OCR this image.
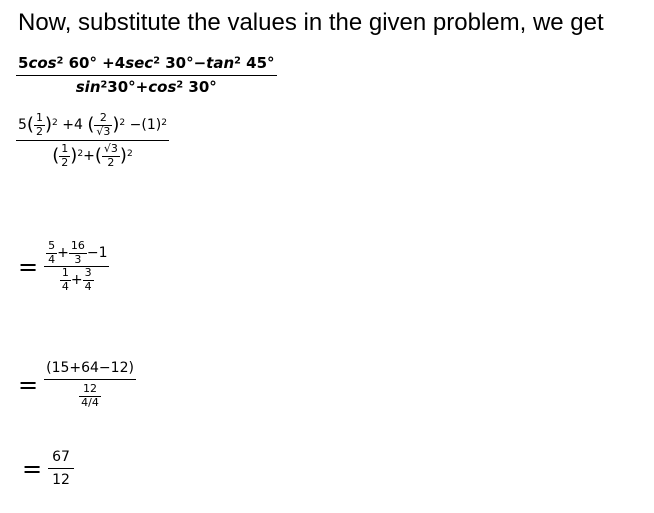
Now, substitute the values in the given problem, we get
$\frac{5\cos^2 60^\circ +4\sec^2 30^\circ-\tan^2 45^\circ}{\sin^230^\circ+\cos^2 30^\circ}$
$\frac{5( \frac{1}{2} )^2 +4 ( \frac{2}{√3} )^2 -(1)^2}{( \frac{1}{2} )^2+( \frac{√3}{2} )^2}$
= $\frac{\frac{5}{4} + \frac{16}{3} -1}{\frac{1}{4} + \frac{3}{4}}$
= $\frac{(15+64-12)}{\frac{12}{4/4}}$
= $\frac{67}{12}$
